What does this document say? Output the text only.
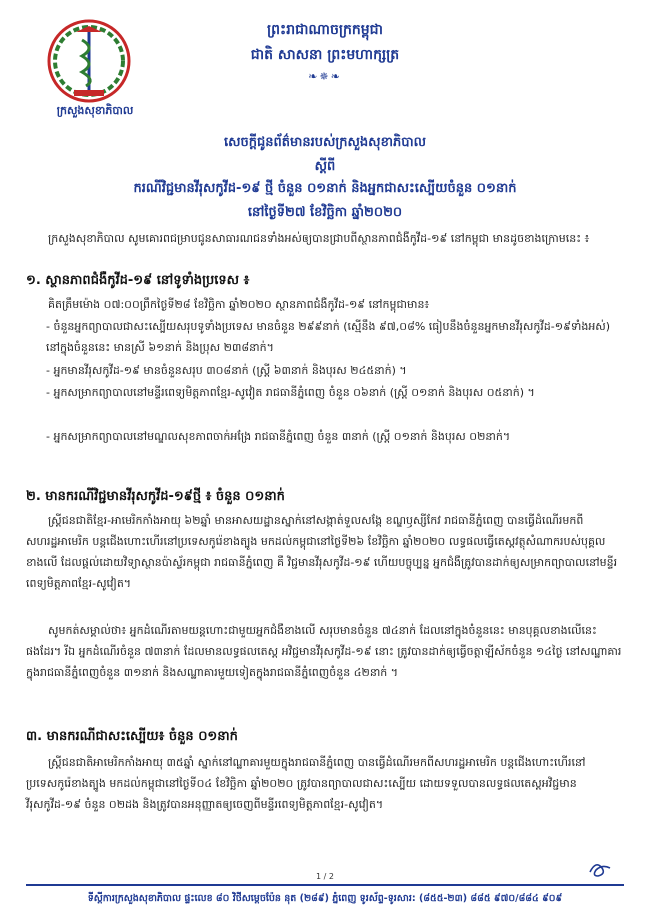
ក្រសួងសុខាភិបាល
ព្រះរាជាណាចក្រកម្ពុជា
ជាតិ សាសនា ព្រះមហាក្សត្រ
❧✵❧
សេចក្តីជូនព័ត៌មានរបស់ក្រសួងសុខាភិបាល
ស្តីពី
ករណីវិជ្ជមានវីរុសកូវីដ-១៩ ថ្មី ចំនួន ០១នាក់ និងអ្នកជាសះស្បើយចំនួន ០១នាក់
នៅថ្ងៃទី២៧ ខែវិច្ឆិកា ឆ្នាំ២០២០
ក្រសួងសុខាភិបាល សូមគោរពជម្រាបជូនសាធារណជនទាំងអស់ឲ្យបានជ្រាបពីស្ថានភាពជំងឺកូវីដ-១៩ នៅកម្ពុជា មានដូចខាងក្រោមនេះ ៖
១. ស្ថានភាពជំងឺកូវីដ-១៩ នៅទូទាំងប្រទេស ៖
គិតត្រឹមម៉ោង ០៧:០០ព្រឹកថ្ងៃទី២៨ ខែវិច្ឆិកា ឆ្នាំ២០២០ ស្ថានភាពជំងឺកូវីដ-១៩ នៅកម្ពុជាមាន៖
- ចំនួនអ្នកព្យាបាលជាសះស្បើយសរុបទូទាំងប្រទេស មានចំនួន ២៩៩នាក់ (ស្មើនឹង ៩៧,០៨% ធៀបនឹងចំនួនអ្នកមានវីរុសកូវីដ-១៩ទាំងអស់) នៅក្នុងចំនួននេះ មានស្រី ៦១នាក់ និងប្រុស ២៣៨នាក់។
- អ្នកមានវីរុសកូវីដ-១៩ មានចំនួនសរុប ៣០៨នាក់ (ស្ត្រី ៦៣នាក់ និងបុរស ២៤៥នាក់) ។
- អ្នកសម្រាកព្យាបាលនៅមន្ទីរពេទ្យមិត្តភាពខ្មែរ-សូវៀត រាជធានីភ្នំពេញ ចំនួន ០៦នាក់ (ស្ត្រី ០១នាក់ និងបុរស ០៥នាក់) ។
- អ្នកសម្រាកព្យាបាលនៅមណ្ឌលសុខភាពចាក់អង្រែ រាជធានីភ្នំពេញ ចំនួន ៣នាក់ (ស្ត្រី ០១នាក់ និងបុរស ០២នាក់។
២. មានករណីវិជ្ជមានវីរុសកូវីដ-១៩ថ្មី ៖ ចំនួន ០១នាក់
ស្ត្រីជនជាតិខ្មែរ-អាមេរិកកាំងអាយុ ៦២ឆ្នាំ មានអាសយដ្ឋានស្នាក់នៅសង្កាត់ទួលសង្កែ ខណ្ឌឫស្សីកែវ រាជធានីភ្នំពេញ បានធ្វើដំណើរមកពីសហរដ្ឋអាមេរិក បន្តជើងហោះហើរនៅប្រទេសកូរ៉េខាងត្បូង មកដល់កម្ពុជានៅថ្ងៃទី២៦ ខែវិច្ឆិកា ឆ្នាំ២០២០ លទ្ធផលធ្វើតេស្តវត្ថុសំណាករបស់បុគ្គលខាងលើ ដែលផ្តល់ដោយវិទ្យាស្ថានប៉ាស្ទ័រកម្ពុជា រាជធានីភ្នំពេញ គឺ វិជ្ជមានវីរុសកូវីដ-១៩ ហើយបច្ចុប្បន្ន អ្នកជំងឺត្រូវបានដាក់ឲ្យសម្រាកព្យាបាលនៅមន្ទីរពេទ្យមិត្តភាពខ្មែរ-សូវៀត។
សូមកត់សម្គាល់ថា៖ អ្នកដំណើរតាមយន្តហោះជាមួយអ្នកជំងឺខាងលើ សរុបមានចំនួន ៧៤នាក់ ដែលនៅក្នុងចំនួននេះ មានបុគ្គលខាងលើនេះផងដែរ។ រីឯ អ្នកដំណើរចំនួន ៧៣នាក់ ដែលមានលទ្ធផលតេស្ត អវិជ្ជមានវីរុសកូវីដ-១៩ នោះ ត្រូវបានដាក់ឲ្យធ្វើចត្តាឡីស័កចំនួន ១៤ថ្ងៃ នៅសណ្ឋាគារក្នុងរាជធានីភ្នំពេញចំនួន ៣១នាក់ និងសណ្ឋាគារមួយទៀតក្នុងរាជធានីភ្នំពេញចំនួន ៤២នាក់ ។
៣. មានករណីជាសះស្បើយ៖ ចំនួន ០១នាក់
ស្ត្រីជនជាតិអាមេរិកកាំងអាយុ ៣៥ឆ្នាំ ស្នាក់នៅណ្ឋាគារមួយក្នុងរាជធានីភ្នំពេញ បានធ្វើដំណើរមកពីសហរដ្ឋអាមេរិក បន្តជើងហោះហើរនៅប្រទេសកូរ៉េខាងត្បូង មកដល់កម្ពុជានៅថ្ងៃទី០៤ ខែវិច្ឆិកា ឆ្នាំ២០២០ ត្រូវបានព្យាបាលជាសះស្បើយ ដោយទទួលបានលទ្ធផលតេស្តអវិជ្ជមានវីរុសកូវីដ-១៩ ចំនួន ០២ដង និងត្រូវបានអនុញ្ញាតឲ្យចេញពីមន្ទីរពេទ្យមិត្តភាពខ្មែរ-សូវៀត។
1 / 2
ទីស្តីការក្រសួងសុខាភិបាល ផ្ទះលេខ ៨០ វិថីសម្តេចប៉ែន នុត (២៨៩) ភ្នំពេញ ទូរស័ព្ទ-ទូរសារ: (៨៥៥-២៣) ៨៨៥ ៩៧០/៨៨៤ ៩០៩
